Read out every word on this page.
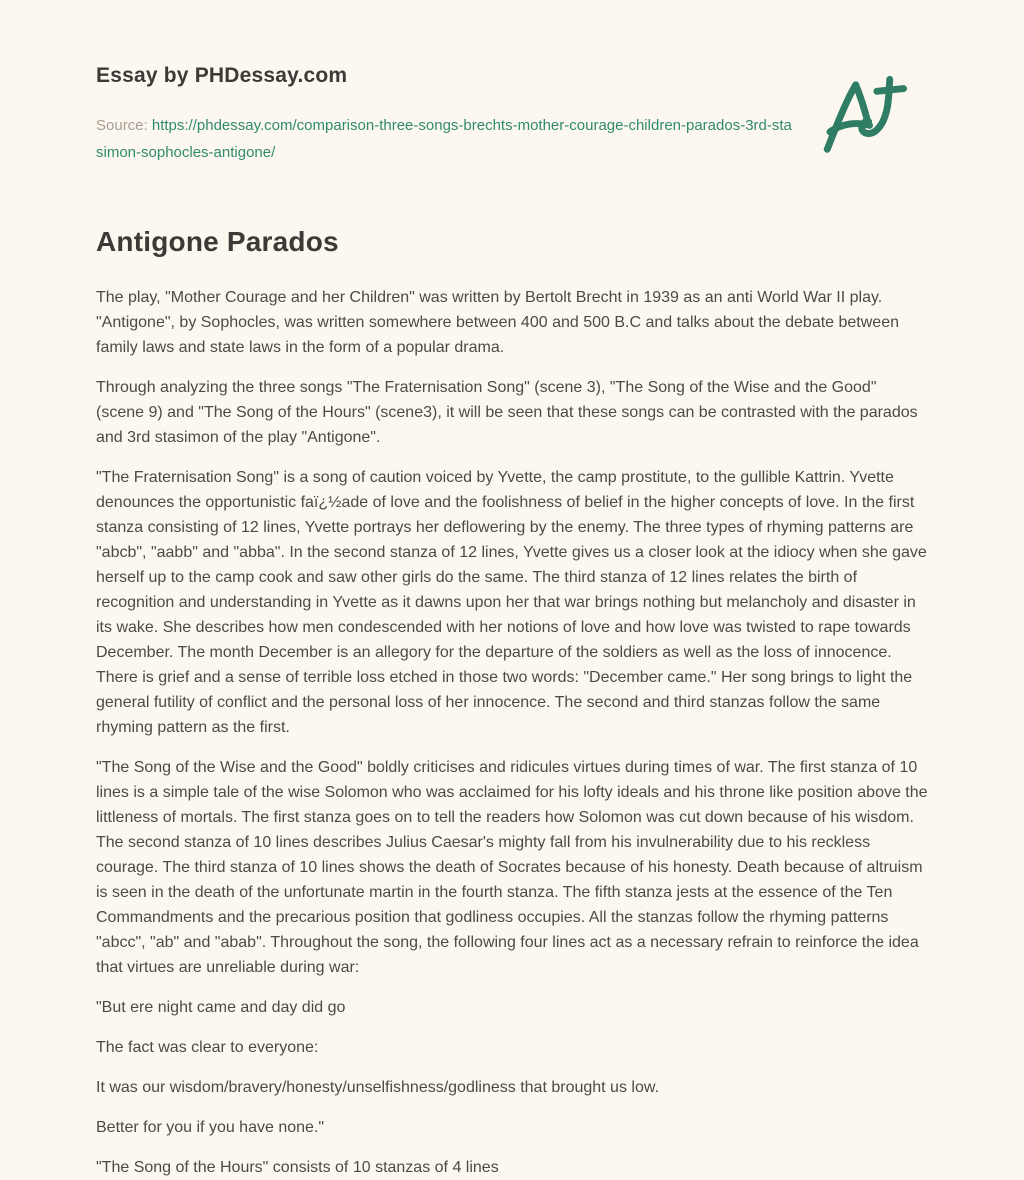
Essay by PHDessay.com
Source: https://phdessay.com/comparison-three-songs-brechts-mother-courage-children-parados-3rd-stasimon-sophocles-antigone/
Antigone Parados

The play, "Mother Courage and her Children" was written by Bertolt Brecht in 1939 as an anti World War II play. "Antigone", by Sophocles, was written somewhere between 400 and 500 B.C and talks about the debate between family laws and state laws in the form of a popular drama.

Through analyzing the three songs "The Fraternisation Song" (scene 3), "The Song of the Wise and the Good" (scene 9) and "The Song of the Hours" (scene3), it will be seen that these songs can be contrasted with the parados and 3rd stasimon of the play "Antigone".

"The Fraternisation Song" is a song of caution voiced by Yvette, the camp prostitute, to the gullible Kattrin. Yvette denounces the opportunistic faï¿½ade of love and the foolishness of belief in the higher concepts of love. In the first stanza consisting of 12 lines, Yvette portrays her deflowering by the enemy. The three types of rhyming patterns are "abcb", "aabb" and "abba". In the second stanza of 12 lines, Yvette gives us a closer look at the idiocy when she gave herself up to the camp cook and saw other girls do the same. The third stanza of 12 lines relates the birth of recognition and understanding in Yvette as it dawns upon her that war brings nothing but melancholy and disaster in its wake. She describes how men condescended with her notions of love and how love was twisted to rape towards December. The month December is an allegory for the departure of the soldiers as well as the loss of innocence. There is grief and a sense of terrible loss etched in those two words: "December came." Her song brings to light the general futility of conflict and the personal loss of her innocence. The second and third stanzas follow the same rhyming pattern as the first.

"The Song of the Wise and the Good" boldly criticises and ridicules virtues during times of war. The first stanza of 10 lines is a simple tale of the wise Solomon who was acclaimed for his lofty ideals and his throne like position above the littleness of mortals. The first stanza goes on to tell the readers how Solomon was cut down because of his wisdom. The second stanza of 10 lines describes Julius Caesar's mighty fall from his invulnerability due to his reckless courage. The third stanza of 10 lines shows the death of Socrates because of his honesty. Death because of altruism is seen in the death of the unfortunate martin in the fourth stanza. The fifth stanza jests at the essence of the Ten Commandments and the precarious position that godliness occupies. All the stanzas follow the rhyming patterns "abcc", "ab" and "abab". Throughout the song, the following four lines act as a necessary refrain to reinforce the idea that virtues are unreliable during war:

"But ere night came and day did go

The fact was clear to everyone:

It was our wisdom/bravery/honesty/unselfishness/godliness that brought us low.

Better for you if you have none."

"The Song of the Hours" consists of 10 stanzas of 4 lines
